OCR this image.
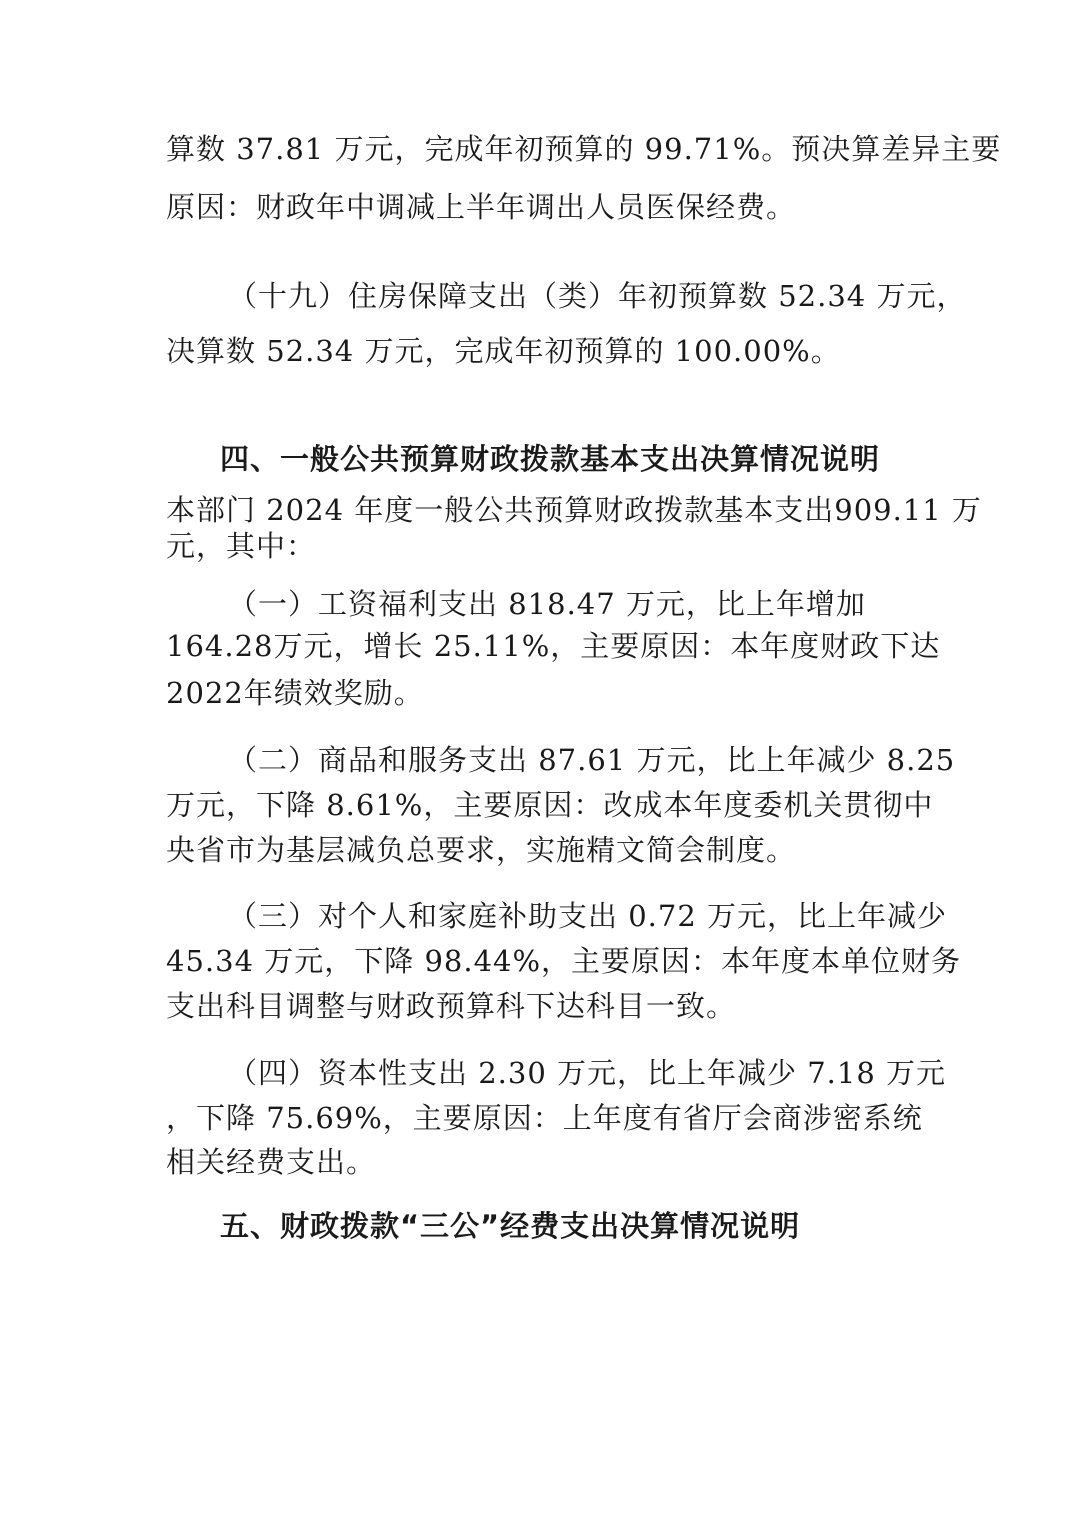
算数 37.81 万元，完成年初预算的 99.71%。预决算差异主要
原因：财政年中调减上半年调出人员医保经费。
（十九）住房保障支出（类）年初预算数 52.34 万元，
决算数 52.34 万元，完成年初预算的 100.00%。
四、一般公共预算财政拨款基本支出决算情况说明
本部门 2024 年度一般公共预算财政拨款基本支出909.11 万
元，其中：
（一）工资福利支出 818.47 万元，比上年增加
164.28万元，增长 25.11%，主要原因：本年度财政下达
2022年绩效奖励。
（二）商品和服务支出 87.61 万元，比上年减少 8.25
万元，下降 8.61%，主要原因：改成本年度委机关贯彻中
央省市为基层减负总要求，实施精文简会制度。
（三）对个人和家庭补助支出 0.72 万元，比上年减少
45.34 万元，下降 98.44%，主要原因：本年度本单位财务
支出科目调整与财政预算科下达科目一致。
（四）资本性支出 2.30 万元，比上年减少 7.18 万元
，下降 75.69%，主要原因：上年度有省厅会商涉密系统
相关经费支出。
五、财政拨款“三公”经费支出决算情况说明
